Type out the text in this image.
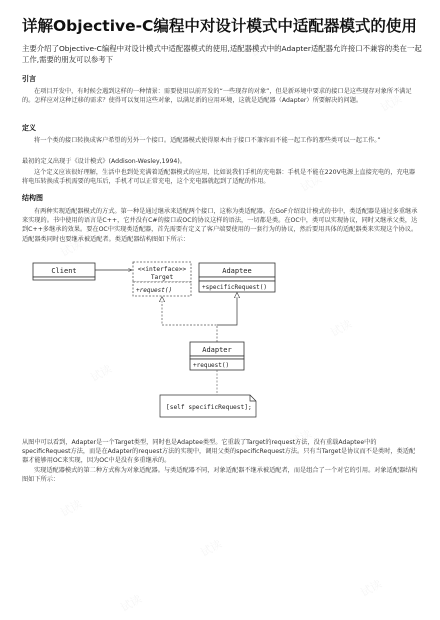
详解Objective-C编程中对设计模式中适配器模式的使用
主要介绍了Objective-C编程中对设计模式中适配器模式的使用,适配器模式中的Adapter适配器允许接口不兼容的类在一起工作,需要的朋友可以参考下
引言
在项目开发中，有时候会遇到这样的一种情景：需要使用以前开发的“一些现存的对象”，但是新环境中要求的接口是这些现存对象所不满足的。怎样应对这种迁移的需求？使得可以复用这些对象，以满足新的应用环境，这就是适配器（Adapter）所要解决的问题。
定义
将一个类的接口转换成客户希望的另外一个接口。适配器模式使得原本由于接口不兼容而不能一起工作的那些类可以一起工作。”
最初的定义出现于《设计模式》(Addison-Wesley,1994)。
这个定义应该很好理解，生活中也到处充满着适配器模式的应用，比如说我们手机的充电器：手机是不能在220V电源上直接充电的，充电器将电压转换成手机需要的电压后，手机才可以正常充电，这个充电器就起到了适配的作用。
结构图
有两种实现适配器模式的方式。第一种是通过继承来适配两个接口，这称为类适配器。在GoF介绍设计模式的书中，类适配器是通过多重继承来实现的。书中使用的语言是C++，它并没有C#的接口或OC的协议这样的语法，一切都是类。在OC中，类可以实现协议，同时又继承父类，达到C++多继承的效果。要在OC中实现类适配器，首先需要有定义了客户端要使用的一套行为的协议，然后要用具体的适配器类来实现这个协议。适配器类同时也要继承被适配者。类适配器结构图如下所示：
Client	<<interface>>
Target
+request()
Adaptee
+specificRequest()
Adapter
+request()
[self specificRequest];
从图中可以看到，Adapter是一个Target类型，同时也是Adaptee类型。它重载了Target的request方法，没有重载Adaptee中的specificRequest方法，而是在Adapter的request方法的实现中，调用父类的specificRequest方法。只有当Target是协议而不是类时，类适配器才能够用OC来实现，因为OC中是没有多重继承的。
实现适配器模式的第二种方式称为对象适配器。与类适配器不同，对象适配器不继承被适配者，而是组合了一个对它的引用。对象适配器结构图如下所示：
